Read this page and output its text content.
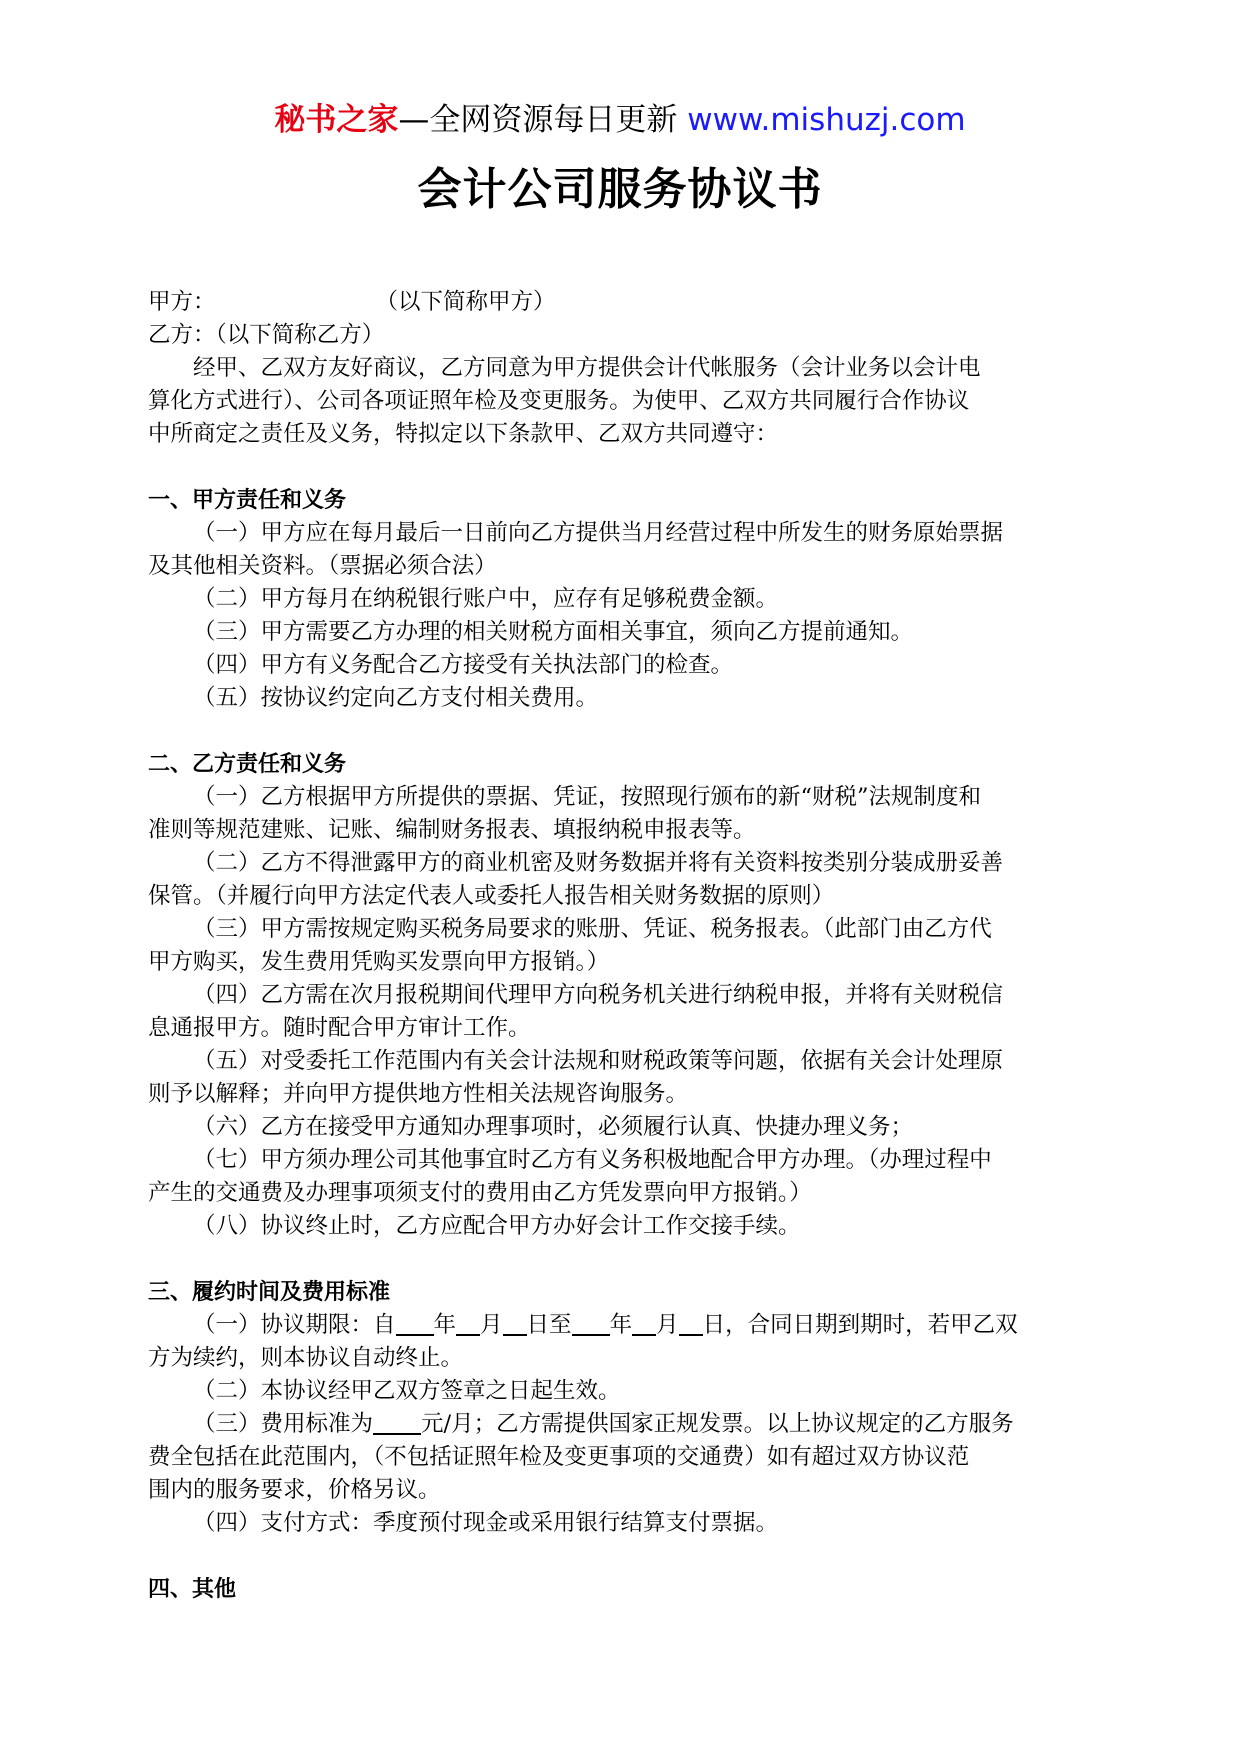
秘书之家—全网资源每日更新 www.mishuzj.com
会计公司服务协议书
甲方：	（以下简称甲方）
乙方：（以下简称乙方）
经甲、乙双方友好商议，乙方同意为甲方提供会计代帐服务（会计业务以会计电
算化方式进行）、公司各项证照年检及变更服务。为使甲、乙双方共同履行合作协议
中所商定之责任及义务，特拟定以下条款甲、乙双方共同遵守：
一、甲方责任和义务
（一）甲方应在每月最后一日前向乙方提供当月经营过程中所发生的财务原始票据
及其他相关资料。（票据必须合法）
（二）甲方每月在纳税银行账户中，应存有足够税费金额。
（三）甲方需要乙方办理的相关财税方面相关事宜，须向乙方提前通知。
（四）甲方有义务配合乙方接受有关执法部门的检查。
（五）按协议约定向乙方支付相关费用。
二、乙方责任和义务
（一）乙方根据甲方所提供的票据、凭证，按照现行颁布的新“财税”法规制度和
准则等规范建账、记账、编制财务报表、填报纳税申报表等。
（二）乙方不得泄露甲方的商业机密及财务数据并将有关资料按类别分装成册妥善
保管。（并履行向甲方法定代表人或委托人报告相关财务数据的原则）
（三）甲方需按规定购买税务局要求的账册、凭证、税务报表。（此部门由乙方代
甲方购买，发生费用凭购买发票向甲方报销。）
（四）乙方需在次月报税期间代理甲方向税务机关进行纳税申报，并将有关财税信
息通报甲方。随时配合甲方审计工作。
（五）对受委托工作范围内有关会计法规和财税政策等问题，依据有关会计处理原
则予以解释；并向甲方提供地方性相关法规咨询服务。
（六）乙方在接受甲方通知办理事项时，必须履行认真、快捷办理义务；
（七）甲方须办理公司其他事宜时乙方有义务积极地配合甲方办理。（办理过程中
产生的交通费及办理事项须支付的费用由乙方凭发票向甲方报销。）
（八）协议终止时，乙方应配合甲方办好会计工作交接手续。
三、履约时间及费用标准
（一）协议期限：自 年 月 日至 年 月 日，合同日期到期时，若甲乙双
方为续约，则本协议自动终止。
（二）本协议经甲乙双方签章之日起生效。
（三）费用标准为 元/月；乙方需提供国家正规发票。以上协议规定的乙方服务
费全包括在此范围内，（不包括证照年检及变更事项的交通费）如有超过双方协议范
围内的服务要求，价格另议。
（四）支付方式：季度预付现金或采用银行结算支付票据。
四、其他
